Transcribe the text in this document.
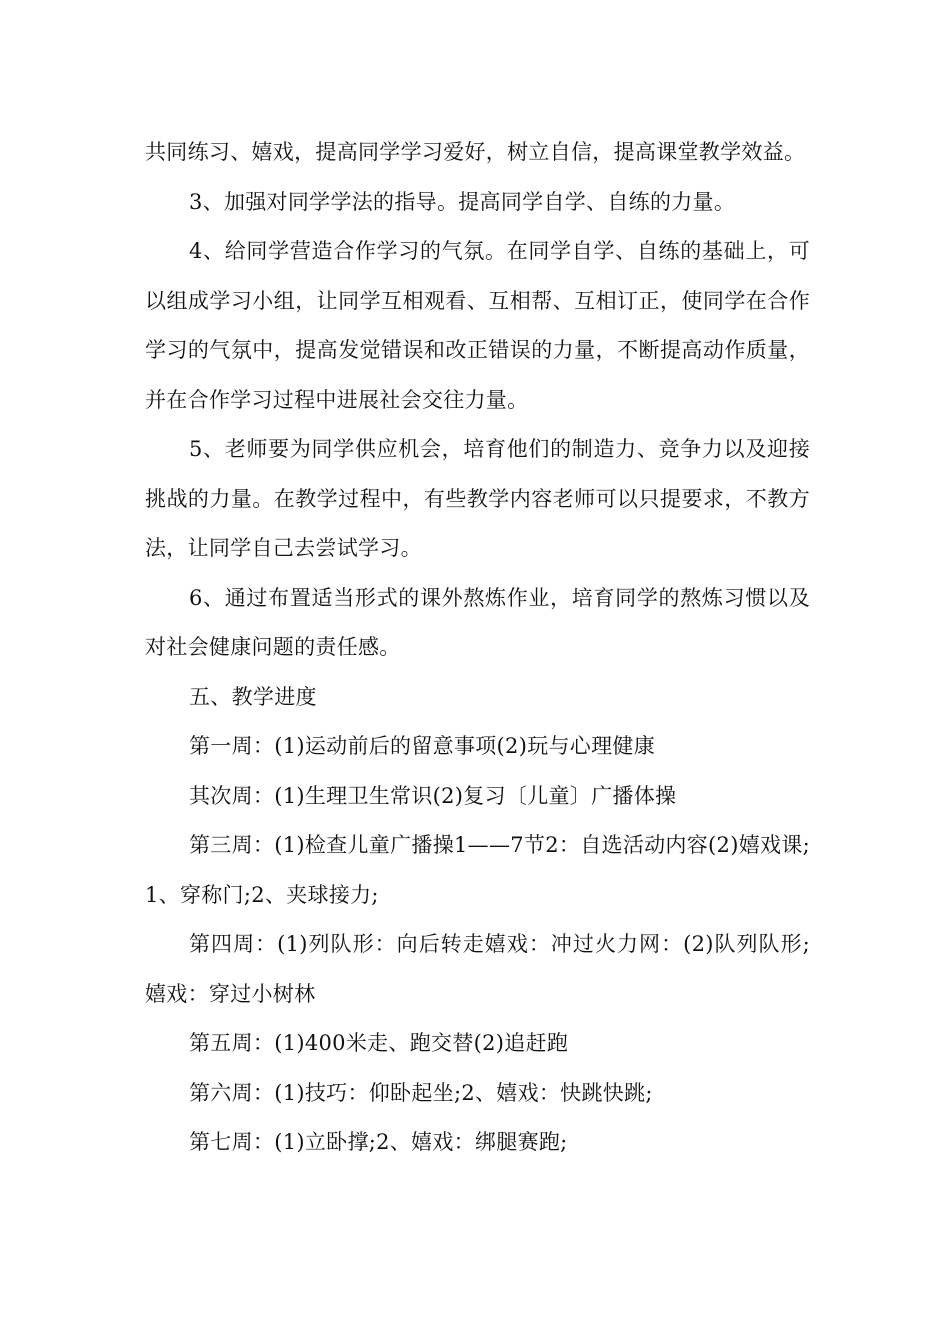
共同练习、嬉戏，提高同学学习爱好，树立自信，提高课堂教学效益。

3、加强对同学学法的指导。提高同学自学、自练的力量。

4、给同学营造合作学习的气氛。在同学自学、自练的基础上，可以组成学习小组，让同学互相观看、互相帮、互相订正，使同学在合作学习的气氛中，提高发觉错误和改正错误的力量，不断提高动作质量，并在合作学习过程中进展社会交往力量。

5、老师要为同学供应机会，培育他们的制造力、竞争力以及迎接挑战的力量。在教学过程中，有些教学内容老师可以只提要求，不教方法，让同学自己去尝试学习。

6、通过布置适当形式的课外熬炼作业，培育同学的熬炼习惯以及对社会健康问题的责任感。

五、教学进度

第一周：(1)运动前后的留意事项(2)玩与心理健康

其次周：(1)生理卫生常识(2)复习〔儿童〕广播体操

第三周：(1)检查儿童广播操1——7节2：自选活动内容(2)嬉戏课;1、穿称门;2、夹球接力;

第四周：(1)列队形：向后转走嬉戏：冲过火力网：(2)队列队形;嬉戏：穿过小树林

第五周：(1)400米走、跑交替(2)追赶跑

第六周：(1)技巧：仰卧起坐;2、嬉戏：快跳快跳;

第七周：(1)立卧撑;2、嬉戏：绑腿赛跑;
